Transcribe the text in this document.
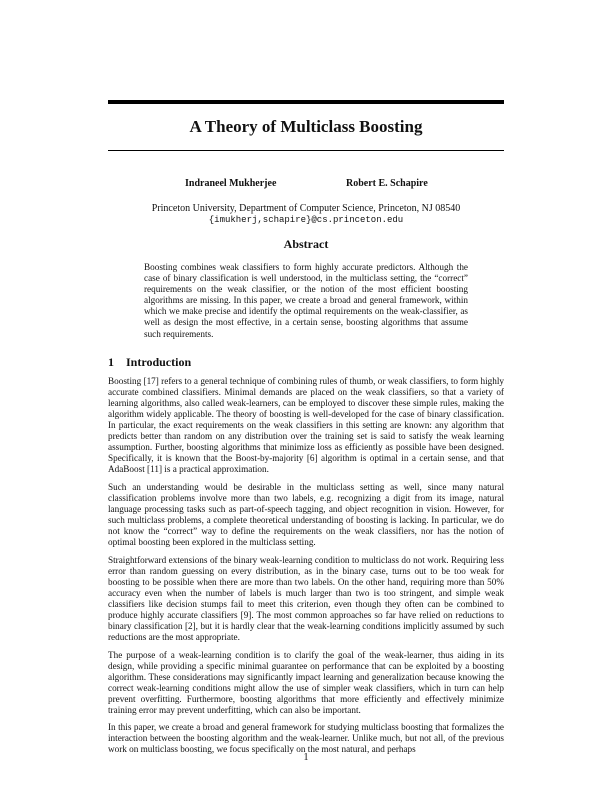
A Theory of Multiclass Boosting
Indraneel Mukherjee	Robert E. Schapire
Princeton University, Department of Computer Science, Princeton, NJ 08540
{imukherj,schapire}@cs.princeton.edu
Abstract
Boosting combines weak classifiers to form highly accurate predictors. Although the case of binary classification is well understood, in the multiclass setting, the “correct” requirements on the weak classifier, or the notion of the most efficient boosting algorithms are missing. In this paper, we create a broad and general framework, within which we make precise and identify the optimal requirements on the weak-classifier, as well as design the most effective, in a certain sense, boosting algorithms that assume such requirements.
1 Introduction

Boosting [17] refers to a general technique of combining rules of thumb, or weak classifiers, to form highly accurate combined classifiers. Minimal demands are placed on the weak classifiers, so that a variety of learning algorithms, also called weak-learners, can be employed to discover these simple rules, making the algorithm widely applicable. The theory of boosting is well-developed for the case of binary classification. In particular, the exact requirements on the weak classifiers in this setting are known: any algorithm that predicts better than random on any distribution over the training set is said to satisfy the weak learning assumption. Further, boosting algorithms that minimize loss as efficiently as possible have been designed. Specifically, it is known that the Boost-by-majority [6] algorithm is optimal in a certain sense, and that AdaBoost [11] is a practical approximation.

Such an understanding would be desirable in the multiclass setting as well, since many natural classification problems involve more than two labels, e.g. recognizing a digit from its image, natural language processing tasks such as part-of-speech tagging, and object recognition in vision. However, for such multiclass problems, a complete theoretical understanding of boosting is lacking. In particular, we do not know the “correct” way to define the requirements on the weak classifiers, nor has the notion of optimal boosting been explored in the multiclass setting.

Straightforward extensions of the binary weak-learning condition to multiclass do not work. Requiring less error than random guessing on every distribution, as in the binary case, turns out to be too weak for boosting to be possible when there are more than two labels. On the other hand, requiring more than 50% accuracy even when the number of labels is much larger than two is too stringent, and simple weak classifiers like decision stumps fail to meet this criterion, even though they often can be combined to produce highly accurate classifiers [9]. The most common approaches so far have relied on reductions to binary classification [2], but it is hardly clear that the weak-learning conditions implicitly assumed by such reductions are the most appropriate.

The purpose of a weak-learning condition is to clarify the goal of the weak-learner, thus aiding in its design, while providing a specific minimal guarantee on performance that can be exploited by a boosting algorithm. These considerations may significantly impact learning and generalization because knowing the correct weak-learning conditions might allow the use of simpler weak classifiers, which in turn can help prevent overfitting. Furthermore, boosting algorithms that more efficiently and effectively minimize training error may prevent underfitting, which can also be important.

In this paper, we create a broad and general framework for studying multiclass boosting that formalizes the interaction between the boosting algorithm and the weak-learner. Unlike much, but not all, of the previous work on multiclass boosting, we focus specifically on the most natural, and perhaps

1
